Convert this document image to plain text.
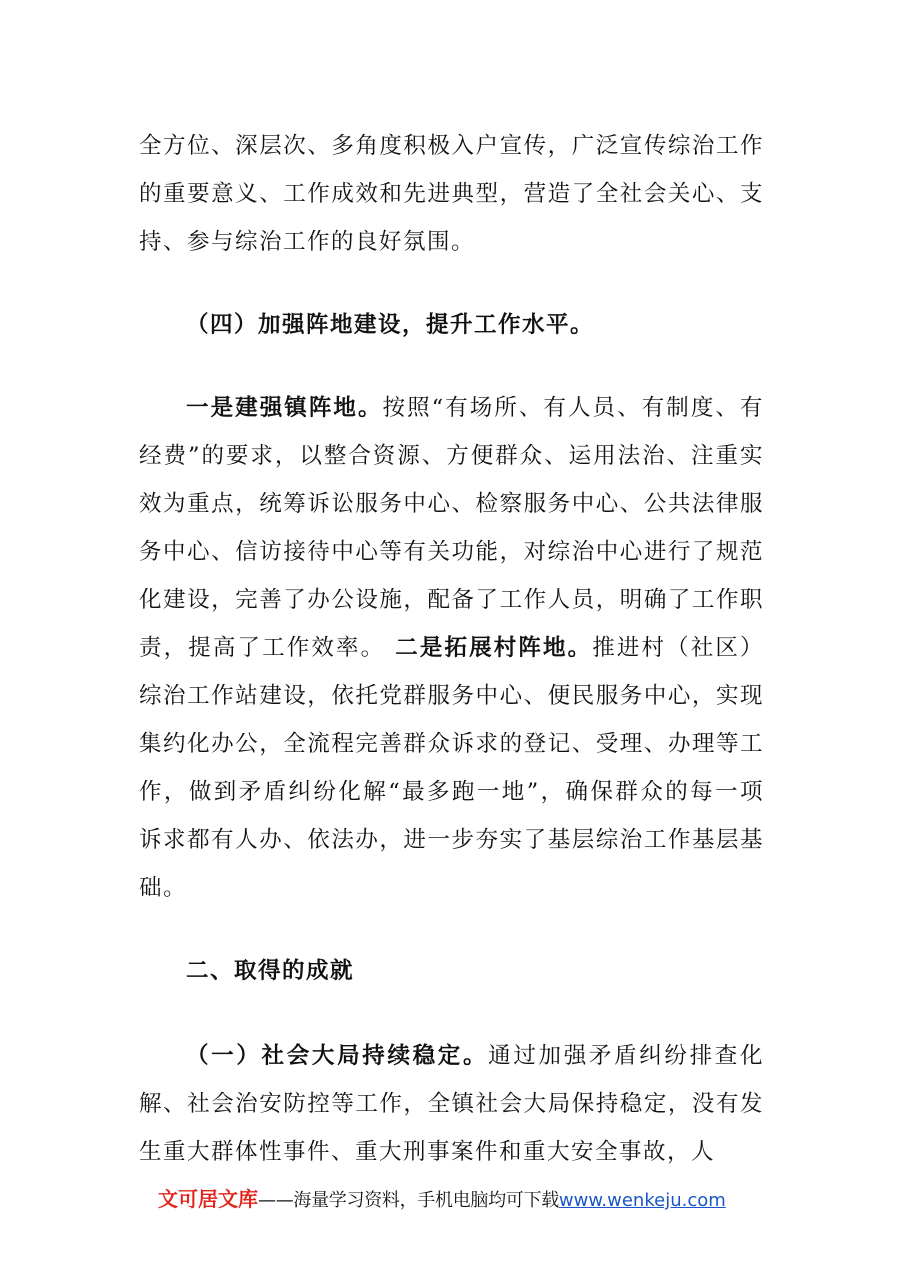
全方位、深层次、多角度积极入户宣传，广泛宣传综治工作的重要意义、工作成效和先进典型，营造了全社会关心、支持、参与综治工作的良好氛围。

（四）加强阵地建设，提升工作水平。

一是建强镇阵地。按照“有场所、有人员、有制度、有经费”的要求，以整合资源、方便群众、运用法治、注重实效为重点，统筹诉讼服务中心、检察服务中心、公共法律服务中心、信访接待中心等有关功能，对综治中心进行了规范化建设，完善了办公设施，配备了工作人员，明确了工作职责，提高了工作效率。 二是拓展村阵地。推进村（社区）综治工作站建设，依托党群服务中心、便民服务中心，实现集约化办公，全流程完善群众诉求的登记、受理、办理等工作，做到矛盾纠纷化解“最多跑一地”，确保群众的每一项诉求都有人办、依法办，进一步夯实了基层综治工作基层基础。

二、取得的成就

（一）社会大局持续稳定。通过加强矛盾纠纷排查化解、社会治安防控等工作，全镇社会大局保持稳定，没有发生重大群体性事件、重大刑事案件和重大安全事故，人

文可居文库——海量学习资料，手机电脑均可下载www.wenkeju.com
